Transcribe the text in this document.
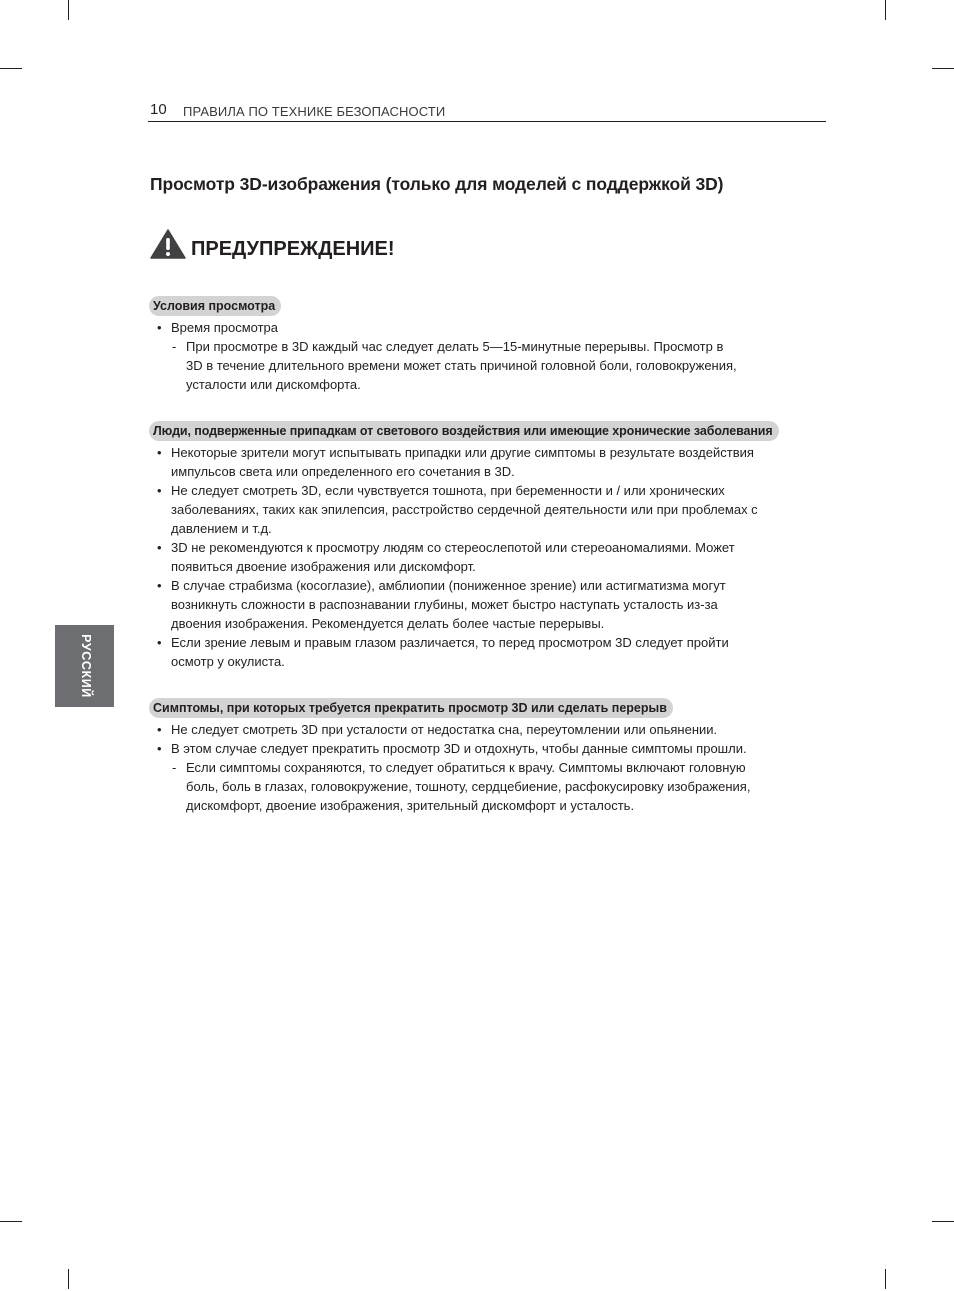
10 ПРАВИЛА ПО ТЕХНИКЕ БЕЗОПАСНОСТИ
Просмотр 3D-изображения (только для моделей с поддержкой 3D)
ПРЕДУПРЕЖДЕНИЕ!
Условия просмотра

• Время просмотра

- При просмотре в 3D каждый час следует делать 5—15-минутные перерывы. Просмотр в

3D в течение длительного времени может стать причиной головной боли, головокружения,

усталости или дискомфорта.

Люди, подверженные припадкам от светового воздействия или имеющие хронические заболевания

• Некоторые зрители могут испытывать припадки или другие симптомы в результате воздействия

импульсов света или определенного его сочетания в 3D.

• Не следует смотреть 3D, если чувствуется тошнота, при беременности и / или хронических

заболеваниях, таких как эпилепсия, расстройство сердечной деятельности или при проблемах с

давлением и т.д.

• 3D не рекомендуются к просмотру людям со стереослепотой или стереоаномалиями. Может

появиться двоение изображения или дискомфорт.

• В случае страбизма (косоглазие), амблиопии (пониженное зрение) или астигматизма могут

возникнуть сложности в распознавании глубины, может быстро наступать усталость из-за

двоения изображения. Рекомендуется делать более частые перерывы.

• Если зрение левым и правым глазом различается, то перед просмотром 3D следует пройти

осмотр у окулиста.

Симптомы, при которых требуется прекратить просмотр 3D или сделать перерыв

• Не следует смотреть 3D при усталости от недостатка сна, переутомлении или опьянении.

• В этом случае следует прекратить просмотр 3D и отдохнуть, чтобы данные симптомы прошли.

- Если симптомы сохраняются, то следует обратиться к врачу. Симптомы включают головную

боль, боль в глазах, головокружение, тошноту, сердцебиение, расфокусировку изображения,

дискомфорт, двоение изображения, зрительный дискомфорт и усталость.

РУССКИЙ
